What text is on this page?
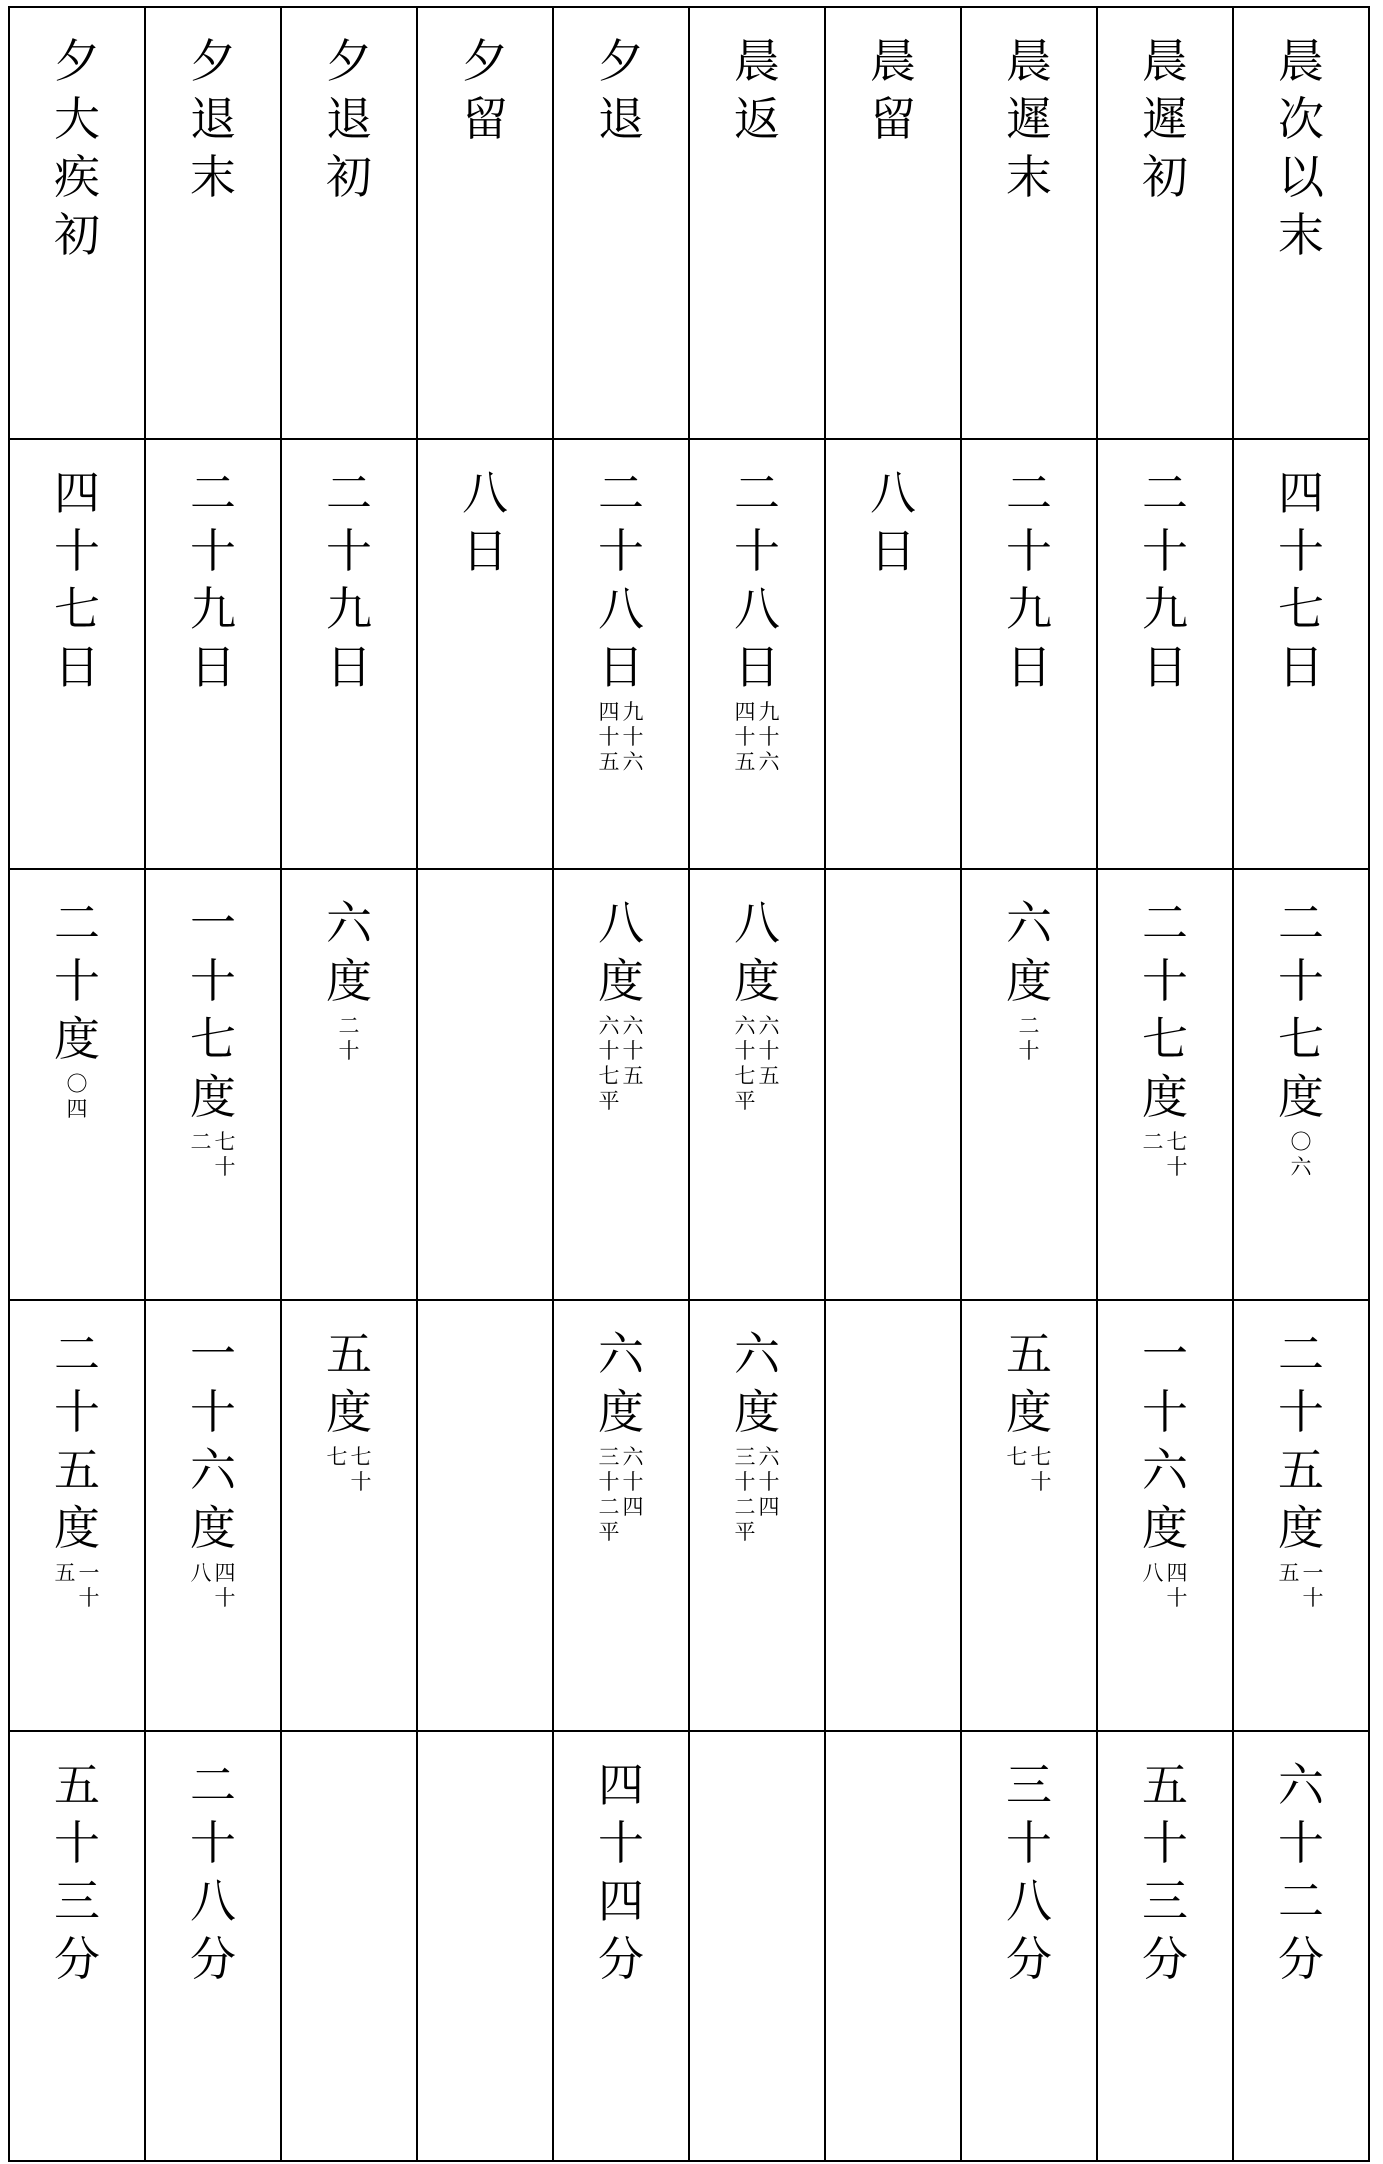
夕
大
疾
初
四
十
七
日
二
十
度
〇
四
二
十
五
度
一
十
五
五
十
三
分
夕
退
末
二
十
九
日
一
十
七
度
七
十
二
一
十
六
度
四
十
八
二
十
八
分
夕
退
初
二
十
九
日
六
度
二
十
五
度
七
十
七
夕
留
八
日
夕
退
二
十
八
日
九
十
六
四
十
五
八
度
六
十
五
六
十
七
平
六
度
六
十
四
三
十
二
平
四
十
四
分
晨
返
二
十
八
日
九
十
六
四
十
五
八
度
六
十
五
六
十
七
平
六
度
六
十
四
三
十
二
平
晨
留
八
日
晨
遲
末
二
十
九
日
六
度
二
十
五
度
七
十
七
三
十
八
分
晨
遲
初
二
十
九
日
二
十
七
度
七
十
二
一
十
六
度
四
十
八
五
十
三
分
晨
次
以
末
四
十
七
日
二
十
七
度
〇
六
二
十
五
度
一
十
五
六
十
二
分
